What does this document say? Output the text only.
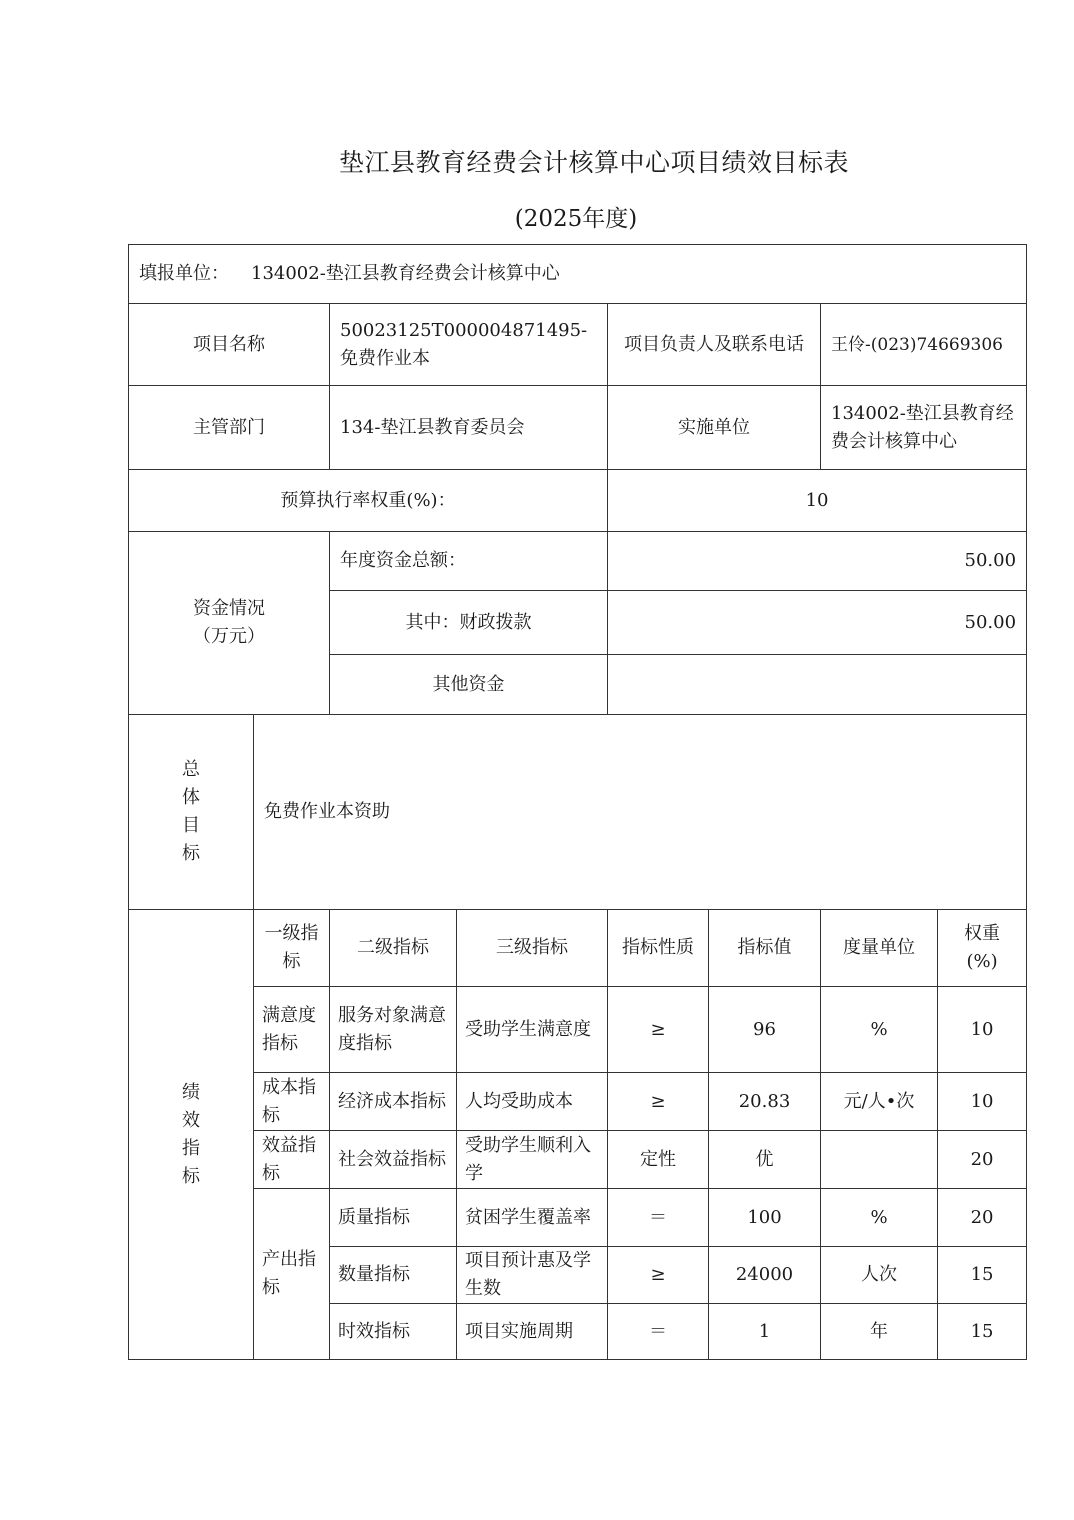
垫江县教育经费会计核算中心项目绩效目标表
(2025年度)
填报单位： 134002-垫江县教育经费会计核算中心							
项目名称		50023125T000004871495-免费作业本		项目负责人及联系电话		王伶-(023)74669306	
主管部门		134-垫江县教育委员会		实施单位		134002-垫江县教育经费会计核算中心	
预算执行率权重(%)：				10			
资金情况（万元）		年度资金总额：		50.00			
		其中：财政拨款		50.00			
		其他资金					
总体目标	免费作业本资助						
绩效指标	一级指标	二级指标	三级指标	指标性质	指标值	度量单位	权重(%)
	满意度指标	服务对象满意度指标	受助学生满意度	≥	96	%	10
	成本指标	经济成本指标	人均受助成本	≥	20.83	元/人•次	10
	效益指标	社会效益指标	受助学生顺利入学	定性	优		20
	产出指标	质量指标	贫困学生覆盖率	＝	100	%	20
		数量指标	项目预计惠及学生数	≥	24000	人次	15
		时效指标	项目实施周期	＝	1	年	15
